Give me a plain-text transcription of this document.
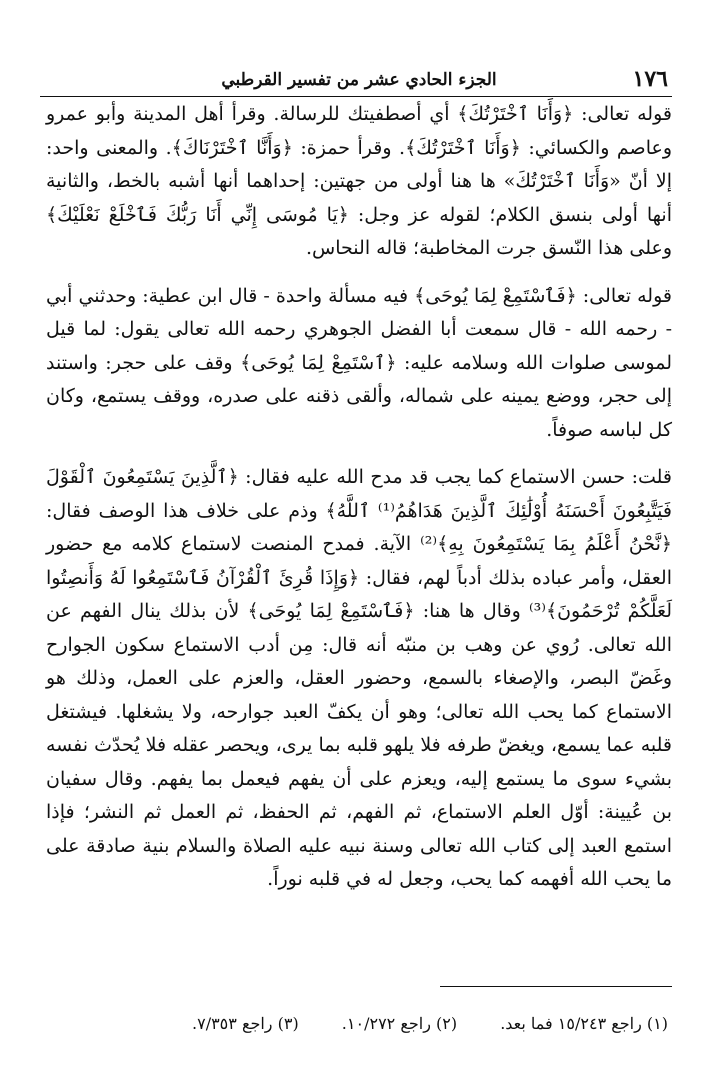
١٧٦
الجزء الحادي عشر من تفسير القرطبي

قوله تعالى: ﴿وَأَنَا ٱخْتَرْتُكَ﴾ أي أصطفيتك للرسالة. وقرأ أهل المدينة وأبو عمرو وعاصم والكسائي: ﴿وَأَنَا ٱخْتَرْتُكَ﴾. وقرأ حمزة: ﴿وَأَنَّا ٱخْتَرْنَاكَ﴾. والمعنى واحد: إلا أنّ «وَأَنَا ٱخْتَرْتُكَ» ها هنا أولى من جهتين: إحداهما أنها أشبه بالخط، والثانية أنها أولى بنسق الكلام؛ لقوله عز وجل: ﴿يَا مُوسَى إِنِّي أَنَا رَبُّكَ فَٱخْلَعْ نَعْلَيْكَ﴾ وعلى هذا النّسق جرت المخاطبة؛ قاله النحاس.

قوله تعالى: ﴿فَٱسْتَمِعْ لِمَا يُوحَى﴾ فيه مسألة واحدة - قال ابن عطية: وحدثني أبي - رحمه الله - قال سمعت أبا الفضل الجوهري رحمه الله تعالى يقول: لما قيل لموسى صلوات الله وسلامه عليه: ﴿ٱسْتَمِعْ لِمَا يُوحَى﴾ وقف على حجر: واستند إلى حجر، ووضع يمينه على شماله، وألقى ذقنه على صدره، ووقف يستمع، وكان كل لباسه صوفاً.

قلت: حسن الاستماع كما يجب قد مدح الله عليه فقال: ﴿ٱلَّذِينَ يَسْتَمِعُونَ ٱلْقَوْلَ فَيَتَّبِعُونَ أَحْسَنَهُ أُوْلَٰئِكَ ٱلَّذِينَ هَدَاهُمُ⁽¹⁾ ٱللَّهُ﴾ وذم على خلاف هذا الوصف فقال: ﴿نَّحْنُ أَعْلَمُ بِمَا يَسْتَمِعُونَ بِهِ﴾⁽²⁾ الآية. فمدح المنصت لاستماع كلامه مع حضور العقل، وأمر عباده بذلك أدباً لهم، فقال: ﴿وَإِذَا قُرِئَ ٱلْقُرْآنُ فَٱسْتَمِعُوا لَهُ وَأَنصِتُوا لَعَلَّكُمْ تُرْحَمُونَ﴾⁽³⁾ وقال ها هنا: ﴿فَٱسْتَمِعْ لِمَا يُوحَى﴾ لأن بذلك ينال الفهم عن الله تعالى. رُوي عن وهب بن منبّه أنه قال: مِن أدب الاستماع سكون الجوارح وغَضّ البصر، والإصغاء بالسمع، وحضور العقل، والعزم على العمل، وذلك هو الاستماع كما يحب الله تعالى؛ وهو أن يكفّ العبد جوارحه، ولا يشغلها. فيشتغل قلبه عما يسمع، ويغضّ طرفه فلا يلهو قلبه بما يرى، ويحصر عقله فلا يُحدّث نفسه بشيء سوى ما يستمع إليه، ويعزم على أن يفهم فيعمل بما يفهم. وقال سفيان بن عُيينة: أوّل العلم الاستماع، ثم الفهم، ثم الحفظ، ثم العمل ثم النشر؛ فإذا استمع العبد إلى كتاب الله تعالى وسنة نبيه عليه الصلاة والسلام بنية صادقة على ما يحب الله أفهمه كما يحب، وجعل له في قلبه نوراً.

(١) راجع ١٥/٢٤٣ فما بعد. (٢) راجع ١٠/٢٧٢. (٣) راجع ٧/٣٥٣.
